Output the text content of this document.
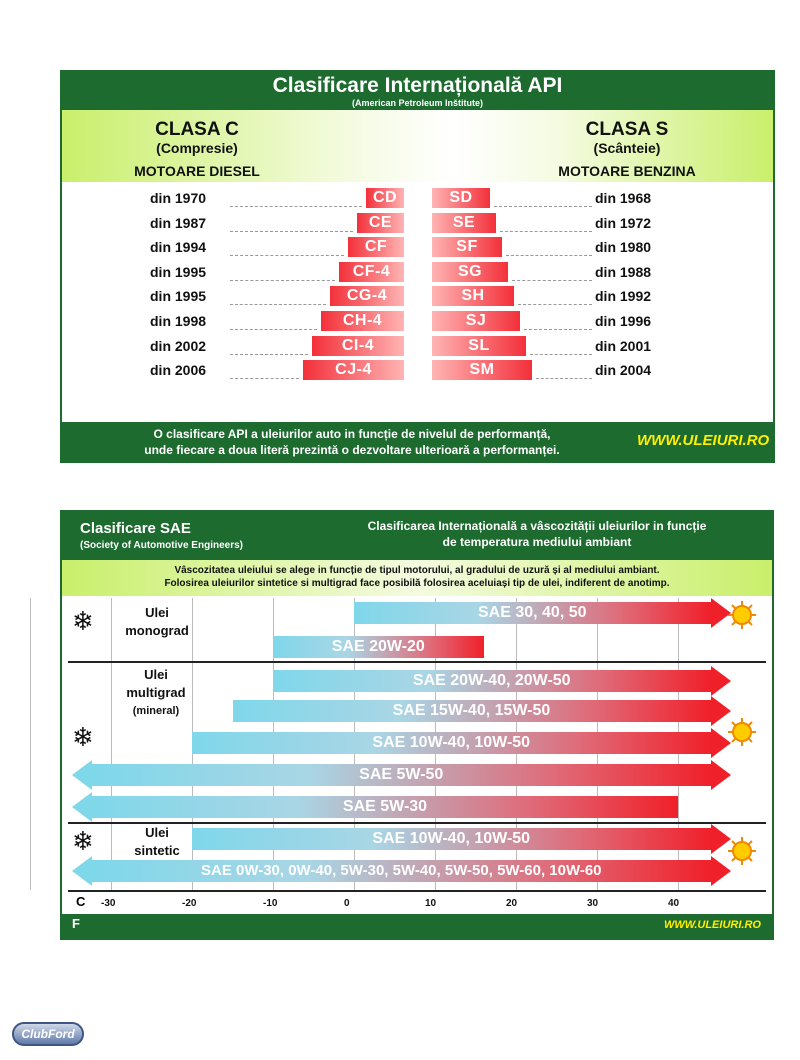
Clasificare Internațională API
(American Petroleum Inštitute)
CLASA C
(Compresie)
MOTOARE DIESEL
CLASA S
(Scânteie)
MOTOARE BENZINA
din 1970	CD	SD	din 1968
din 1987	CE	SE	din 1972
din 1994	CF	SF	din 1980
din 1995	CF-4	SG	din 1988
din 1995	CG-4	SH	din 1992
din 1998	CH-4	SJ	din 1996
din 2002	CI-4	SL	din 2001
din 2006	CJ-4	SM	din 2004
O clasificare API a uleiurilor auto in funcție de nivelul de performanță,
unde fiecare a doua literă prezintă o dezvoltare ulterioară a performanței.
WWW.ULEIURI.RO
Clasificare SAE
(Society of Automotive Engineers)
Clasificarea Internațională a vâscozității uleiurilor in funcție
de temperatura mediului ambiant
Vâscozitatea uleiului se alege in funcție de tipul motorului, al gradului de uzură și al mediului ambiant.
Folosirea uleiurilor sintetice si multigrad face posibilă folosirea aceluiași tip de ulei, indiferent de anotimp.
Ulei
monograd
Ulei
multigrad
(mineral)
Ulei
sintetic
❄
❄
❄
SAE 30, 40, 50
SAE 20W-20
SAE 20W-40, 20W-50
SAE 15W-40, 15W-50
SAE 10W-40, 10W-50
SAE 5W-50
SAE 5W-30
SAE 10W-40, 10W-50
SAE 0W-30, 0W-40, 5W-30, 5W-40, 5W-50, 5W-60, 10W-60
C -30	-20	-10	0	10	20	30	40
F	WWW.ULEIURI.RO
ClubFord
